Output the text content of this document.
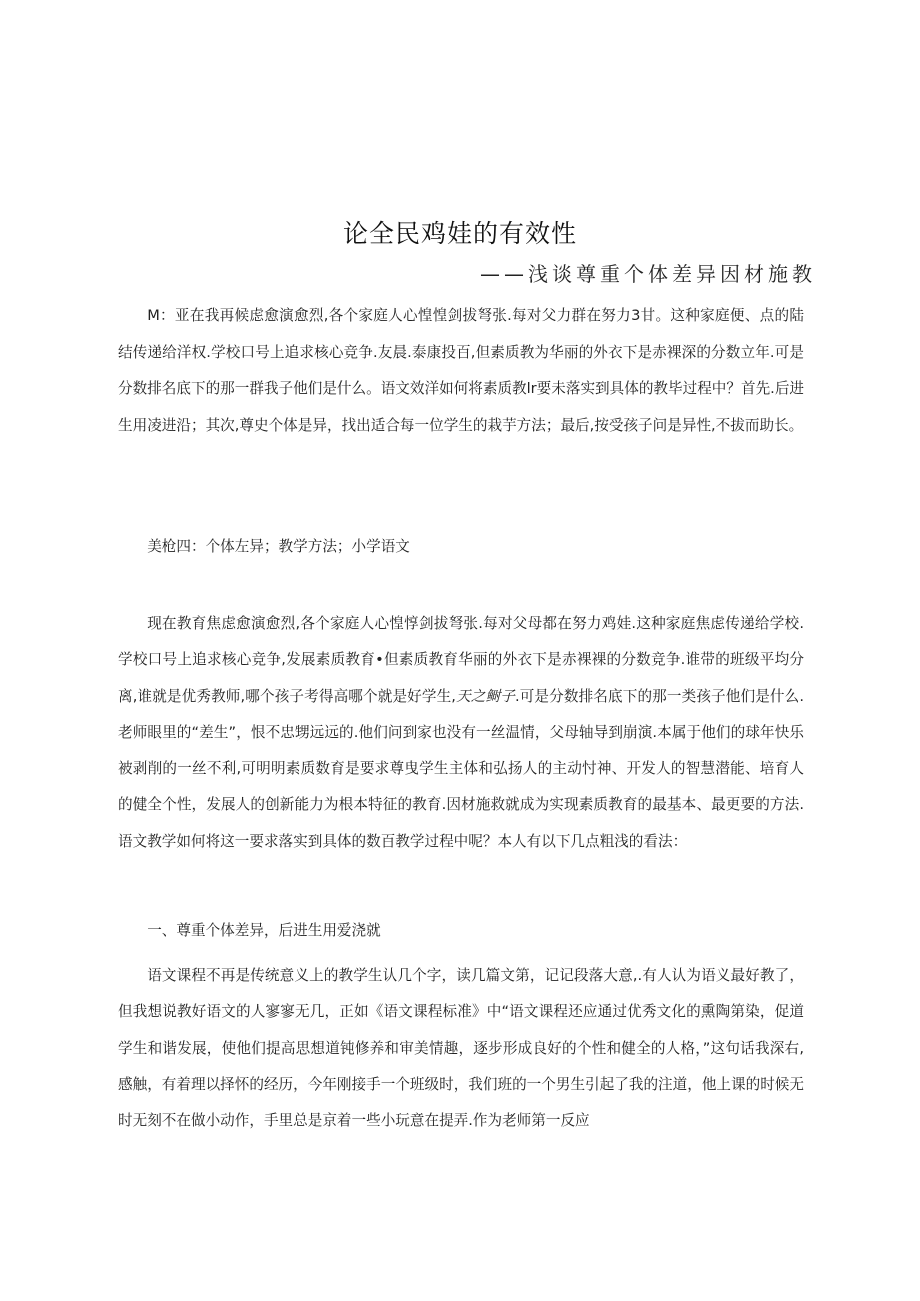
论全民鸡娃的有效性
——浅谈尊重个体差异因材施教

M：亚在我再候虑愈演愈烈,各个家庭人心惶惶剑拔弩张.每对父力群在努力3甘。这种家庭便、点的陆结传递给洋权.学校口号上追求核心竞争.友晨.泰康投百,但素质教为华丽的外衣下是赤裸深的分数立年.可是分数排名底下的那一群我子他们是什么。语文效洋如何将素质教lr要未落实到具体的教毕过程中？首先.后进生用凌进沿；其次,尊史个体是异，找出适合每一位学生的栽芋方法；最后,按受孩子问是异性,不拔而助长。

美枪四：个体左异；教学方法；小学语文

现在教育焦虑愈演愈烈,各个家庭人心惶惇剑拔弩张.每对父母都在努力鸡娃.这种家庭焦虑传递给学校.学校口号上追求核心竞争,发展素质教育•但素质教育华丽的外衣下是赤裸裸的分数竞争.谁带的班级平均分离,谁就是优秀教师,哪个孩子考得高哪个就是好学生,天之鲥子.可是分数排名底下的那一类孩子他们是什么.老师眼里的“差生”，恨不忠甥远远的.他们问到家也没有一丝温情，父母轴导到崩演.本属于他们的球年快乐被剥削的一丝不利,可明明素质数育是要求尊曳学生主体和弘扬人的主动忖神、开发人的智慧潜能、培育人的健全个性，发展人的创新能力为根本特征的教育.因材施救就成为实现素质教育的最基本、最更要的方法.语文教学如何将这一要求落实到具体的数百教学过程中呢？本人有以下几点粗浅的看法：

一、尊重个体差异，后进生用爱浇就

语文课程不再是传统意义上的教学生认几个字，读几篇文第，记记段落大意,.有人认为语义最好教了，但我想说教好语文的人寥寥无几，正如《语文课程标准》中“语文课程还应通过优秀文化的熏陶第染，促道学生和谐发展，使他们提高思想道钝修养和审美情趣，逐步形成良好的个性和健全的人格，”这句话我深右,感触，有着理以择怀的经历，今年刚接手一个班级时，我们班的一个男生引起了我的注道，他上课的时候无时无刻不在做小动作，手里总是京着一些小玩意在提弄.作为老师第一反应
